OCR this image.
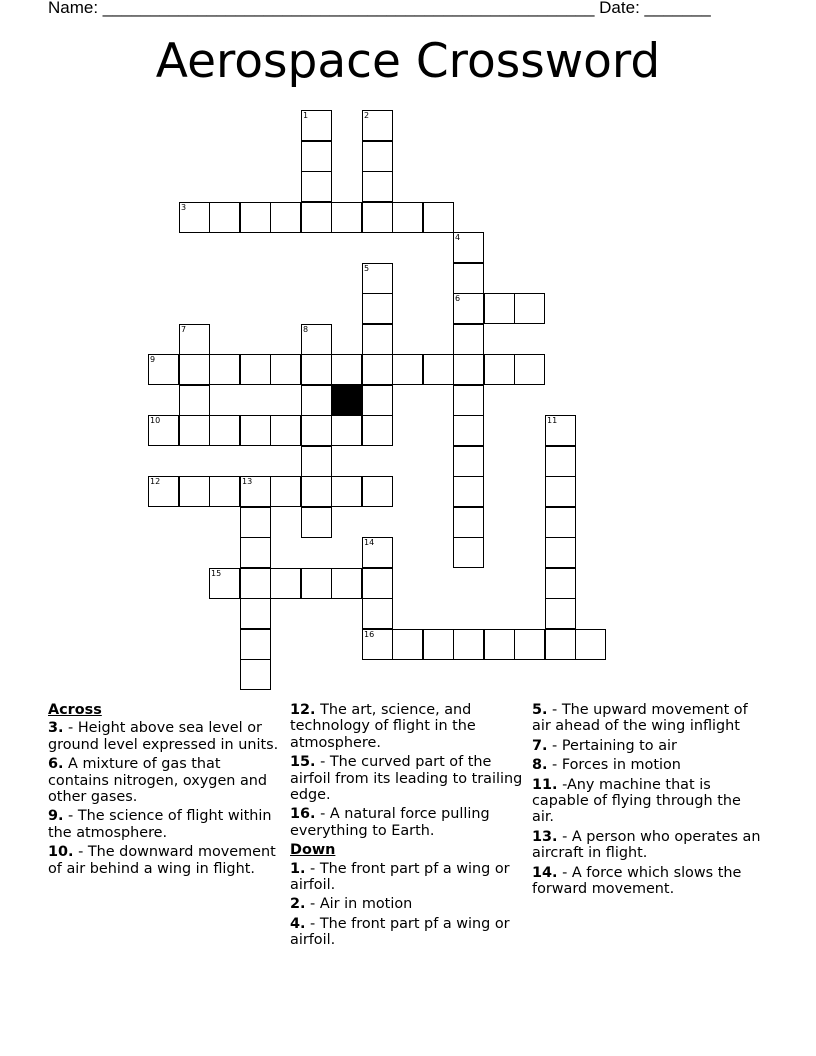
Name: ____________________________________________________ Date: _______
Aerospace Crossword
1	2
3
4
5
6
7	8
9
10	11
12	13
14
15
16
Across
3. - Height above sea level or ground level expressed in units.
6. A mixture of gas that contains nitrogen, oxygen and other gases.
9. - The science of flight within the atmosphere.
10. - The downward movement of air behind a wing in flight.
12. The art, science, and technology of flight in the atmosphere.
15. - The curved part of the airfoil from its leading to trailing edge.
16. - A natural force pulling everything to Earth.
Down
1. - The front part pf a wing or airfoil.
2. - Air in motion
4. - The front part pf a wing or airfoil.
5. - The upward movement of air ahead of the wing inflight
7. - Pertaining to air
8. - Forces in motion
11. -Any machine that is capable of flying through the air.
13. - A person who operates an aircraft in flight.
14. - A force which slows the forward movement.
